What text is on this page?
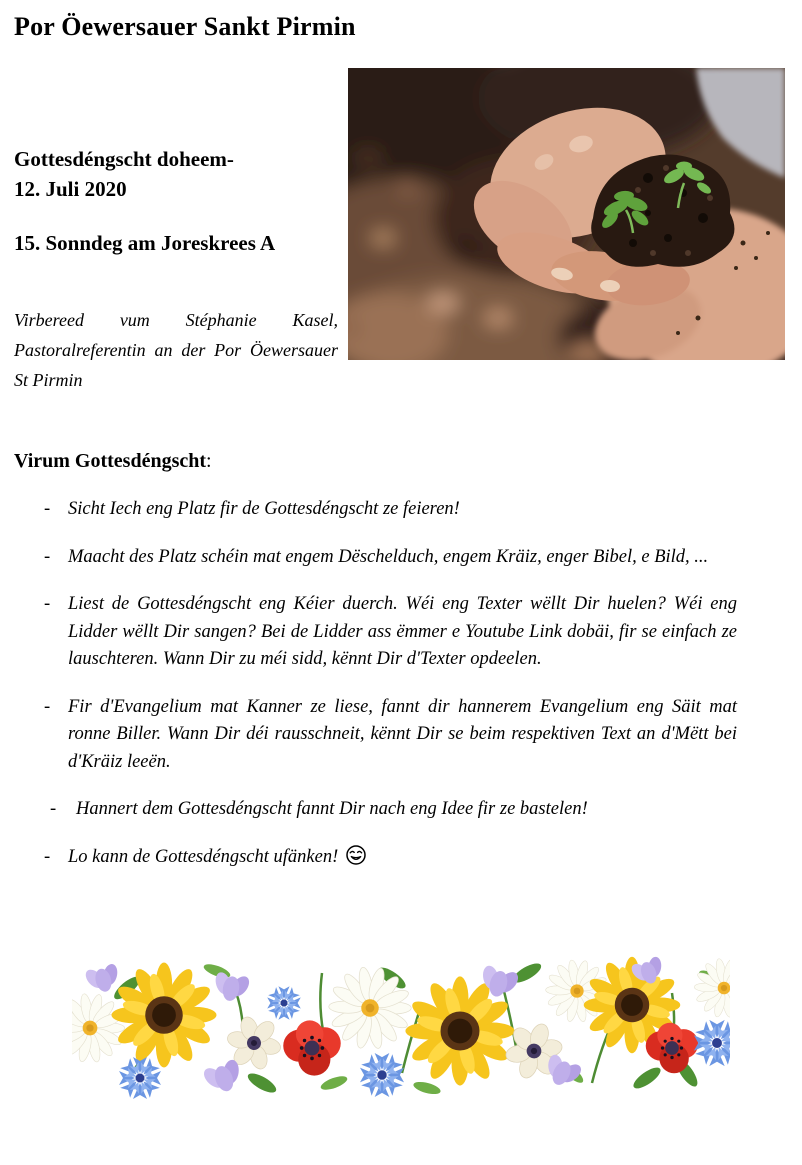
Por Öewersauer Sankt Pirmin

Gottesdéngscht doheem-
12. Juli 2020

15. Sonndeg am Joreskrees A

Virbereed vum Stéphanie Kasel, Pastoralreferentin an der Por Öewersauer St Pirmin

Virum Gottesdéngscht:

- Sicht Iech eng Platz fir de Gottesdéngscht ze feieren!
- Maacht des Platz schéin mat engem Dëschelduch, engem Kräiz, enger Bibel, e Bild, ...
- Liest de Gottesdéngscht eng Kéier duerch. Wéi eng Texter wëllt Dir huelen? Wéi eng Lidder wëllt Dir sangen? Bei de Lidder ass ëmmer e Youtube Link dobäi, fir se einfach ze lauschteren. Wann Dir zu méi sidd, kënnt Dir d'Texter opdeelen.
- Fir d'Evangelium mat Kanner ze liese, fannt dir hannerem Evangelium eng Säit mat ronne Biller. Wann Dir déi rausschneit, kënnt Dir se beim respektiven Text an d'Mëtt bei d'Kräiz leeën.
- Hannert dem Gottesdéngscht fannt Dir nach eng Idee fir ze bastelen!
- Lo kann de Gottesdéngscht ufänken!
